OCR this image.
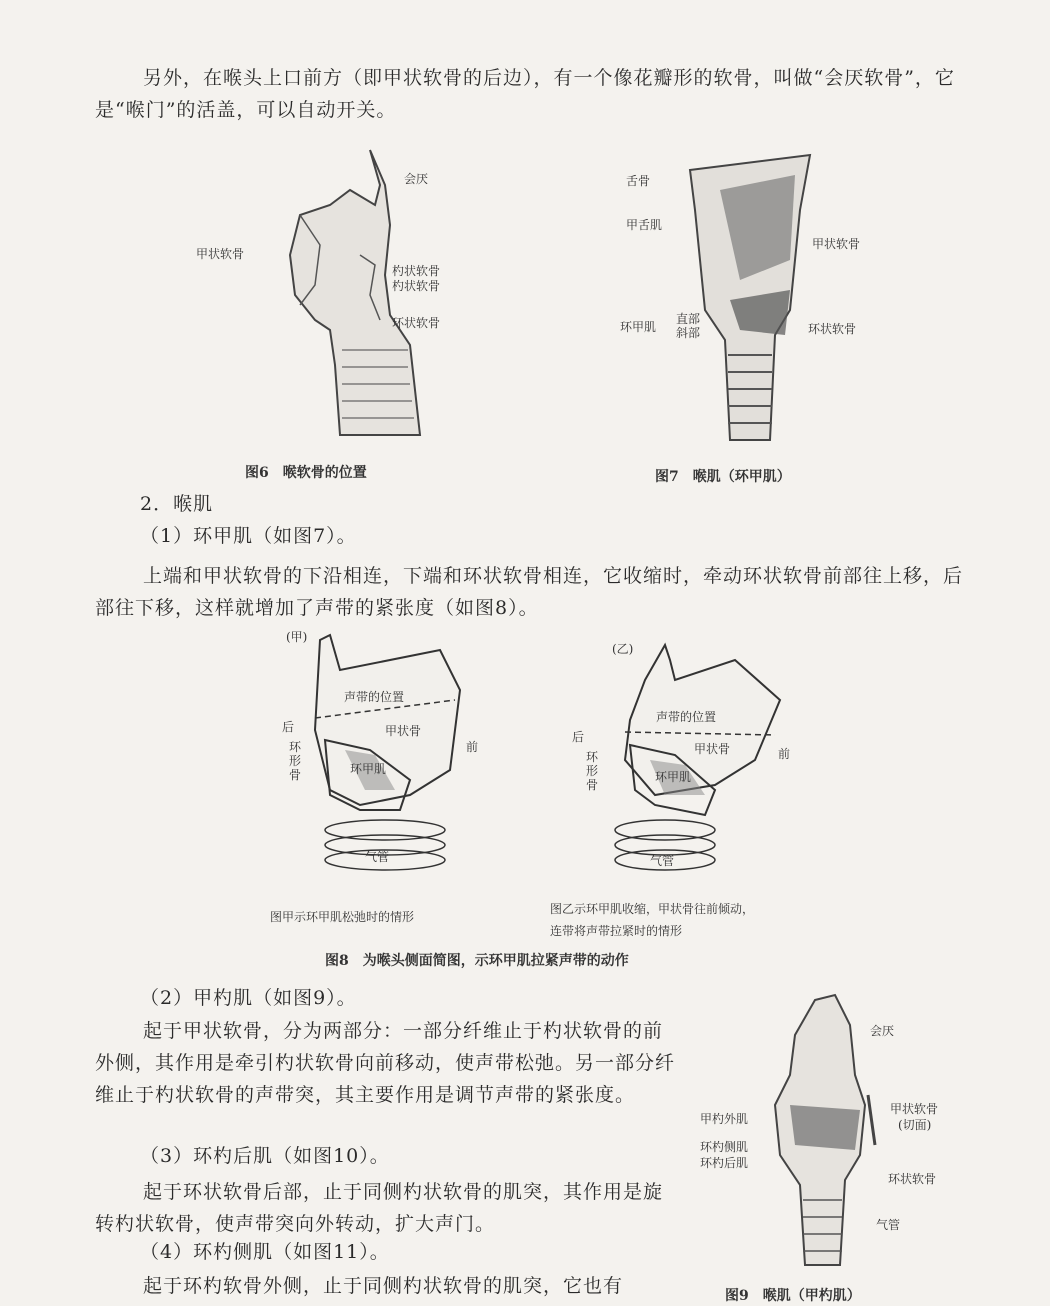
另外，在喉头上口前方（即甲状软骨的后边），有一个像花瓣形的软骨，叫做“会厌软骨”，它是“喉门”的活盖，可以自动开关。
会厌
甲状软骨
杓状软骨
杓状软骨
环状软骨
图6　喉软骨的位置
舌骨
甲舌肌
甲状软骨
环甲肌
直部
斜部	环状软骨
图7　喉肌（环甲肌）
2．喉肌
（1）环甲肌（如图7）。
上端和甲状软骨的下沿相连，下端和环状软骨相连，它收缩时，牵动环状软骨前部往上移，后部往下移，这样就增加了声带的紧张度（如图8）。
(甲)
(乙)
声带的位置
甲状骨
后
前
环甲肌
环形骨
气管
声带的位置
甲状骨
后
前
环甲肌
环形骨
气管
图甲示环甲肌松弛时的情形
图乙示环甲肌收缩，甲状骨往前倾动，连带将声带拉紧时的情形
图8　为喉头侧面简图，示环甲肌拉紧声带的动作
（2）甲杓肌（如图9）。
起于甲状软骨，分为两部分：一部分纤维止于杓状软骨的前外侧，其作用是牵引杓状软骨向前移动，使声带松弛。另一部分纤维止于杓状软骨的声带突，其主要作用是调节声带的紧张度。
（3）环杓后肌（如图10）。
起于环状软骨后部，止于同侧杓状软骨的肌突，其作用是旋转杓状软骨，使声带突向外转动，扩大声门。
（4）环杓侧肌（如图11）。
起于环杓软骨外侧，止于同侧杓状软骨的肌突，它也有
会厌
甲状软骨
(切面)
甲杓外肌
环杓侧肌
环杓后肌
环状软骨
气管
图9　喉肌（甲杓肌）
